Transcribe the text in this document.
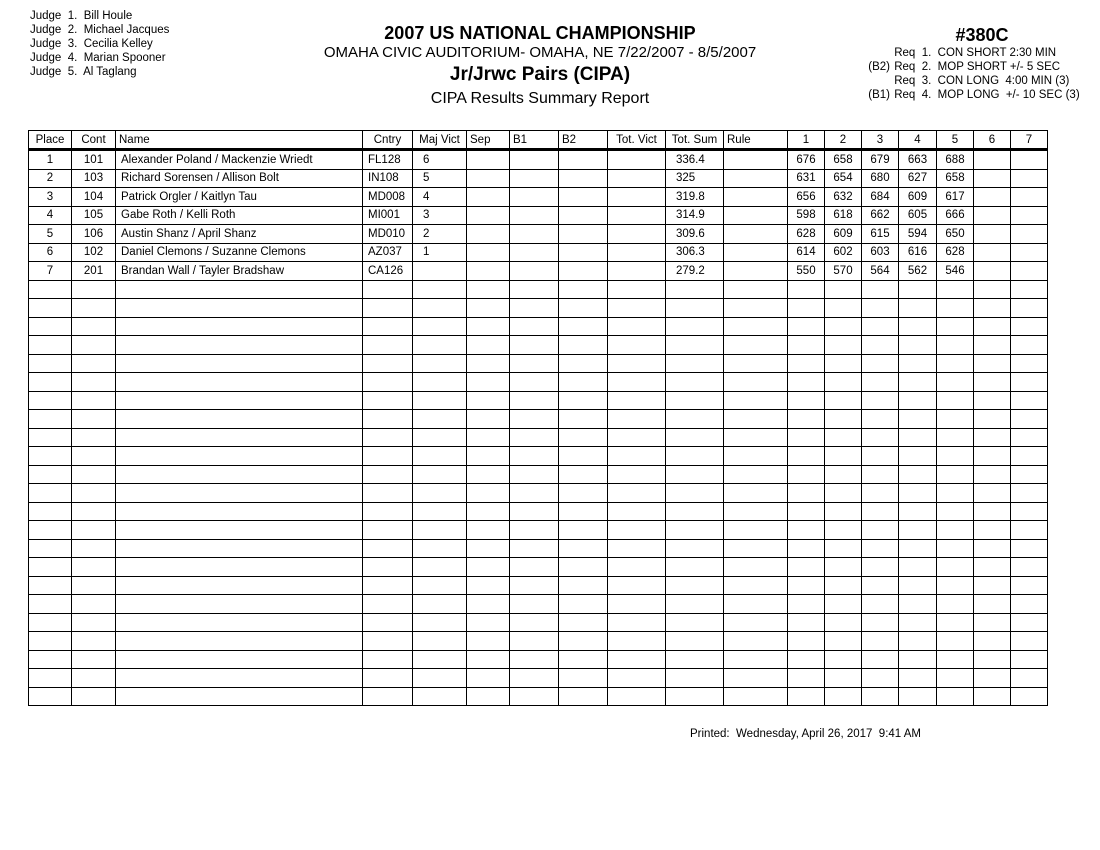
Judge  1.  Bill Houle
Judge  2.  Michael Jacques
Judge  3.  Cecilia Kelley
Judge  4.  Marian Spooner
Judge  5.  Al Taglang
2007 US NATIONAL CHAMPIONSHIP
OMAHA CIVIC AUDITORIUM- OMAHA, NE 7/22/2007 - 8/5/2007
Jr/Jrwc Pairs (CIPA)
CIPA Results Summary Report
#380C
Req  1.  CON SHORT 2:30 MIN
(B2) Req  2.  MOP SHORT +/- 5 SEC
Req  3.  CON LONG  4:00 MIN (3)
(B1) Req  4.  MOP LONG  +/- 10 SEC (3)
Place	Cont	Name	Cntry	Maj Vict	Sep	B1	B2	Tot. Vict	Tot. Sum	Rule	1	2	3	4	5	6	7
1	101	Alexander Poland / Mackenzie Wriedt	FL128	6					336.4		676	658	679	663	688		
2	103	Richard Sorensen / Allison Bolt	IN108	5					325		631	654	680	627	658		
3	104	Patrick Orgler / Kaitlyn Tau	MD008	4					319.8		656	632	684	609	617		
4	105	Gabe Roth / Kelli Roth	MI001	3					314.9		598	618	662	605	666		
5	106	Austin Shanz / April Shanz	MD010	2					309.6		628	609	615	594	650		
6	102	Daniel Clemons / Suzanne Clemons	AZ037	1					306.3		614	602	603	616	628		
7	201	Brandan Wall / Tayler Bradshaw	CA126						279.2		550	570	564	562	546		

Printed:  Wednesday, April 26, 2017  9:41 AM
